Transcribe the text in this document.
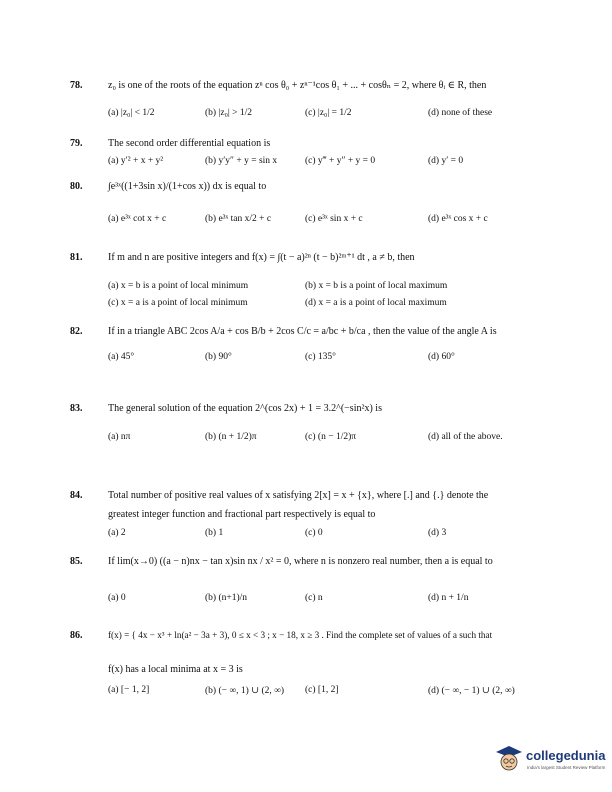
78.	z₀ is one of the roots of the equation zⁿ cos θ₀ + zⁿ⁻¹cos θ₁ + ... + cosθₙ = 2, where θᵢ ∈ R, then
(a) |z₀| < 1/2	(b) |z₀| > 1/2	(c) |z₀| = 1/2	(d) none of these
79.	The second order differential equation is
(a) y′² + x + y²	(b) y′y″ + y = sin x	(c) y‴ + y″ + y = 0	(d) y′ = 0
80.	∫e³ˣ((1+3sin x)/(1+cos x)) dx is equal to
(a) e³ˣ cot x + c	(b) e³ˣ tan x/2 + c	(c) e³ˣ sin x + c	(d) e³ˣ cos x + c
81.	If m and n are positive integers and f(x) = ∫(t − a)²ⁿ (t − b)²ᵐ⁺¹ dt , a ≠ b, then
(a) x = b is a point of local minimum	(b) x = b is a point of local maximum
(c) x = a is a point of local minimum	(d) x = a is a point of local maximum
82.	If in a triangle ABC 2cos A/a + cos B/b + 2cos C/c = a/bc + b/ca , then the value of the angle A is
(a) 45°	(b) 90°	(c) 135°	(d) 60°
83.	The general solution of the equation 2^(cos 2x) + 1 = 3.2^(−sin²x) is
(a) nπ	(b) (n + 1/2)π	(c) (n − 1/2)π	(d) all of the above.
84.	Total number of positive real values of x satisfying 2[x] = x + {x}, where [.] and {.} denote the
greatest integer function and fractional part respectively is equal to
(a) 2	(b) 1	(c) 0	(d) 3
85.	If lim(x→0) ((a − n)nx − tan x)sin nx / x² = 0, where n is nonzero real number, then a is equal to
(a) 0	(b) (n+1)/n	(c) n	(d) n + 1/n
86.	f(x) = { 4x − x³ + ln(a² − 3a + 3), 0 ≤ x < 3 ; x − 18, x ≥ 3 . Find the complete set of values of a such that
f(x) has a local minima at x = 3 is
(a) [− 1, 2]	(b) (− ∞, 1) ∪ (2, ∞) (c) [1, 2]	(d) (− ∞, − 1) ∪ (2, ∞)
collegedunia
India's largest Student Review Platform
